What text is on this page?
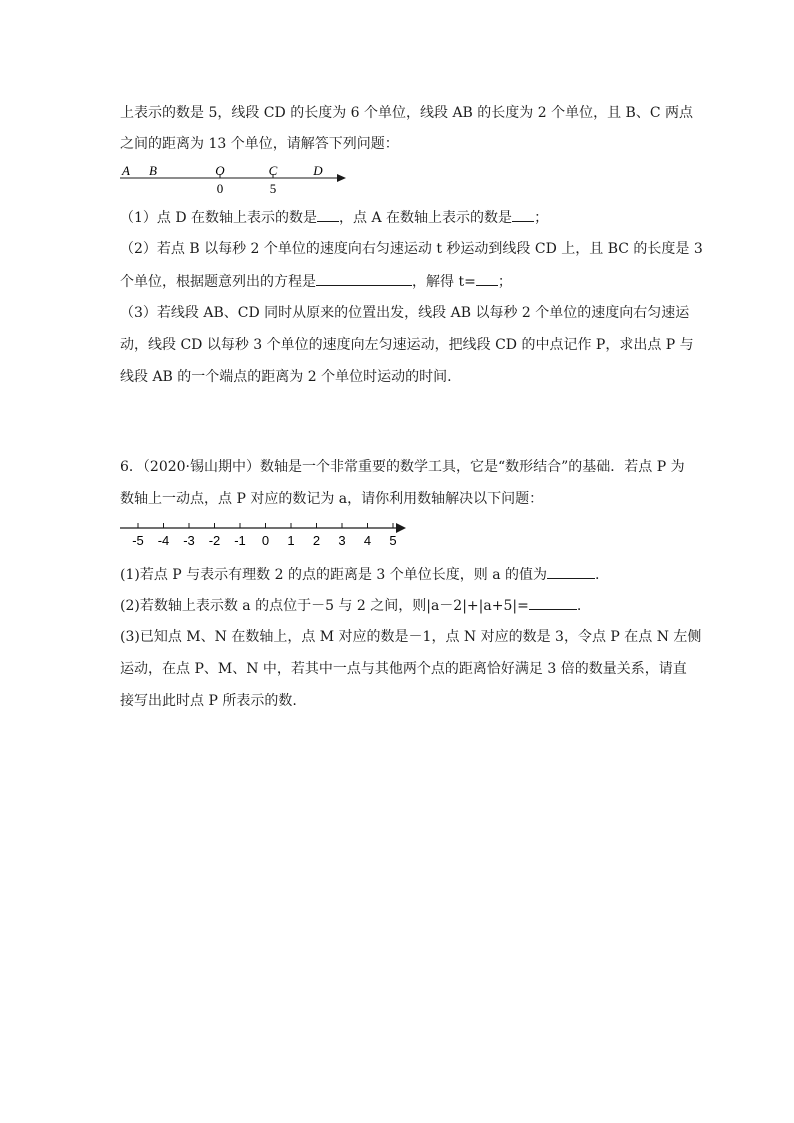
上表示的数是 5，线段 CD 的长度为 6 个单位，线段 AB 的长度为 2 个单位，且 B、C 两点
之间的距离为 13 个单位，请解答下列问题：
A B	O	C	D
0	5
（1）点 D 在数轴上表示的数是 ，点 A 在数轴上表示的数是 ；
（2）若点 B 以每秒 2 个单位的速度向右匀速运动 t 秒运动到线段 CD 上，且 BC 的长度是 3
个单位，根据题意列出的方程是	，解得 t= ；
（3）若线段 AB、CD 同时从原来的位置出发，线段 AB 以每秒 2 个单位的速度向右匀速运
动，线段 CD 以每秒 3 个单位的速度向左匀速运动，把线段 CD 的中点记作 P，求出点 P 与
线段 AB 的一个端点的距离为 2 个单位时运动的时间.
6．（2020·锡山期中）数轴是一个非常重要的数学工具，它是“数形结合”的基础．若点 P 为
数轴上一动点，点 P 对应的数记为 a，请你利用数轴解决以下问题：
-5 -4 -3 -2 -1 0 1 2 3 4 5
(1)若点 P 与表示有理数 2 的点的距离是 3 个单位长度，则 a 的值为	.
(2)若数轴上表示数 a 的点位于－5 与 2 之间，则|a－2|+|a+5|=	.
(3)已知点 M、N 在数轴上，点 M 对应的数是－1，点 N 对应的数是 3，令点 P 在点 N 左侧
运动，在点 P、M、N 中，若其中一点与其他两个点的距离恰好满足 3 倍的数量关系，请直
接写出此时点 P 所表示的数.
